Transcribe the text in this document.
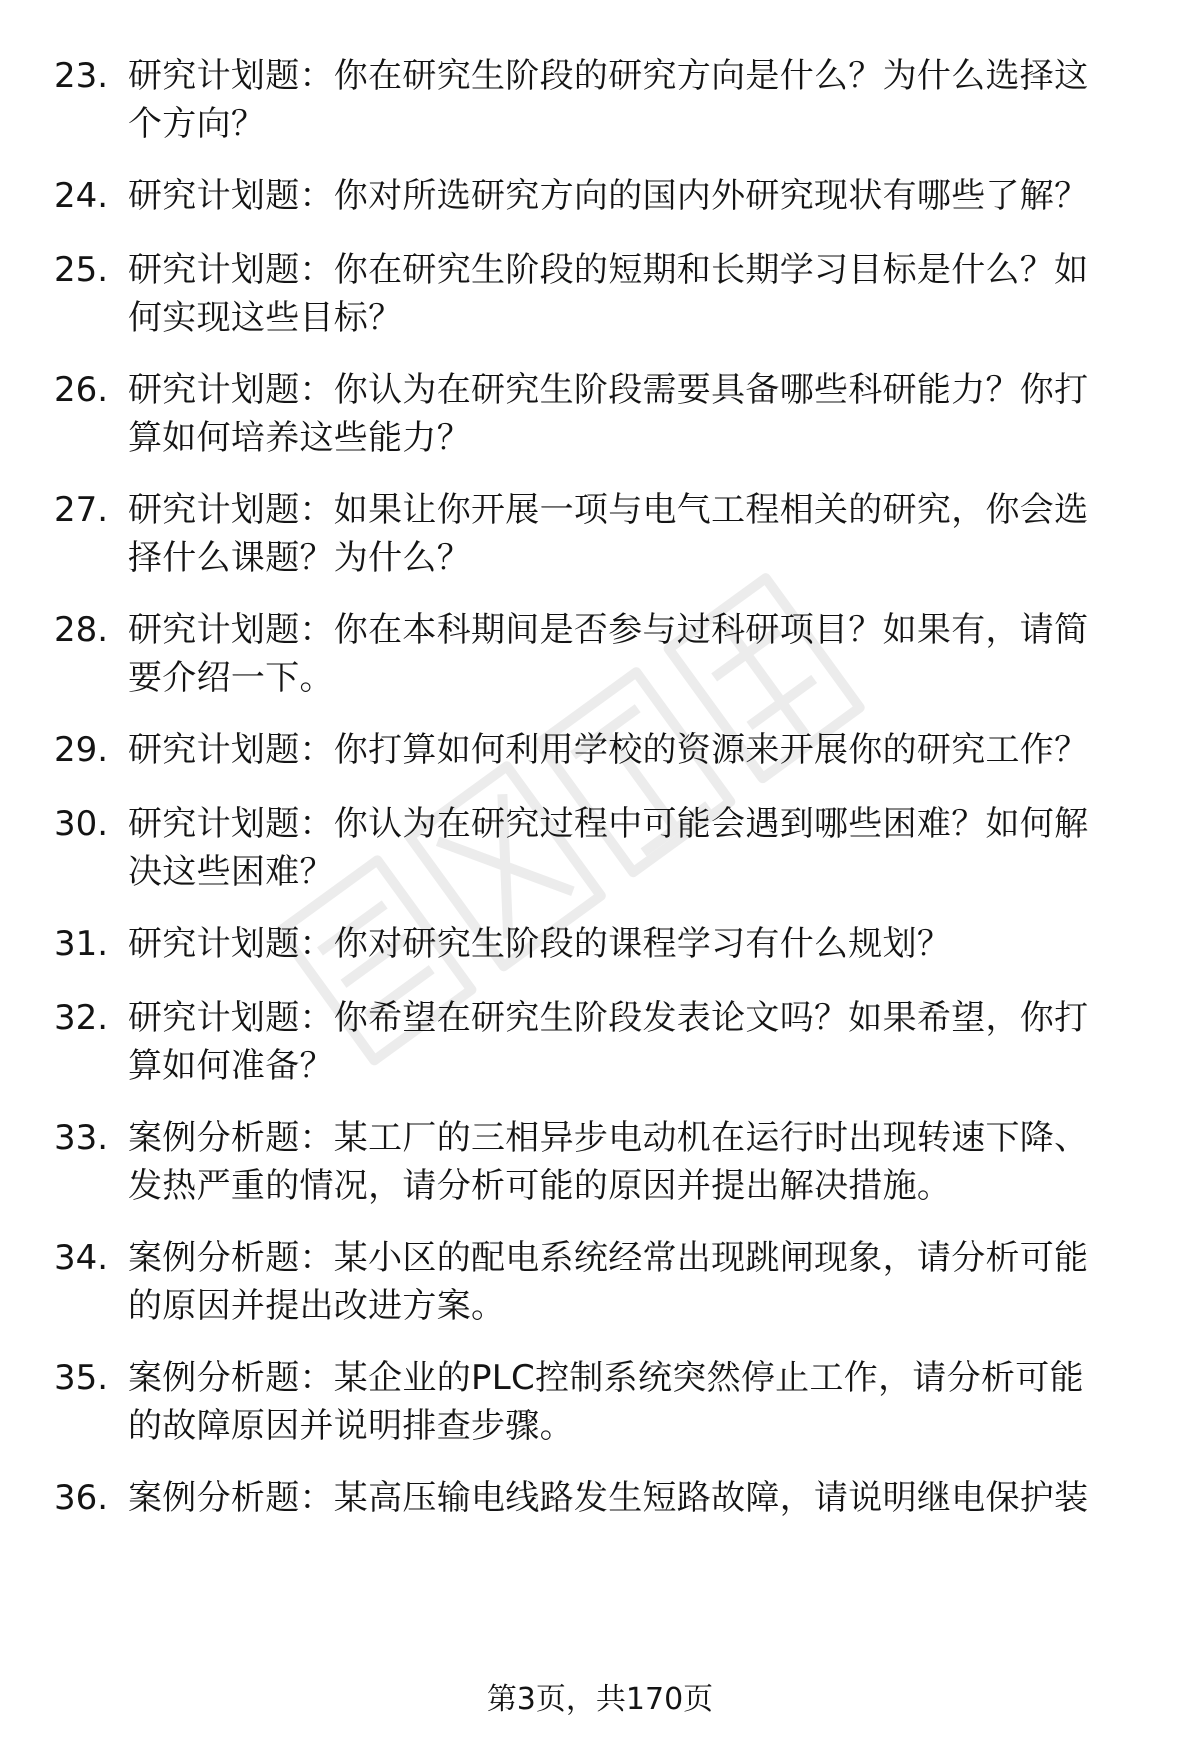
23. 研究计划题：你在研究生阶段的研究方向是什么？为什么选择这
个方向？
24. 研究计划题：你对所选研究方向的国内外研究现状有哪些了解？
25. 研究计划题：你在研究生阶段的短期和长期学习目标是什么？如
何实现这些目标？
26. 研究计划题：你认为在研究生阶段需要具备哪些科研能力？你打
算如何培养这些能力？
27. 研究计划题：如果让你开展一项与电气工程相关的研究，你会选
择什么课题？为什么？
28. 研究计划题：你在本科期间是否参与过科研项目？如果有，请简
要介绍一下。
29. 研究计划题：你打算如何利用学校的资源来开展你的研究工作？
30. 研究计划题：你认为在研究过程中可能会遇到哪些困难？如何解
决这些困难？
31. 研究计划题：你对研究生阶段的课程学习有什么规划？
32. 研究计划题：你希望在研究生阶段发表论文吗？如果希望，你打
算如何准备？
33. 案例分析题：某工厂的三相异步电动机在运行时出现转速下降、
发热严重的情况，请分析可能的原因并提出解决措施。
34. 案例分析题：某小区的配电系统经常出现跳闸现象，请分析可能
的原因并提出改进方案。
35. 案例分析题：某企业的PLC控制系统突然停止工作，请分析可能
的故障原因并说明排查步骤。
36. 案例分析题：某高压输电线路发生短路故障，请说明继电保护装
第3页，共170页
